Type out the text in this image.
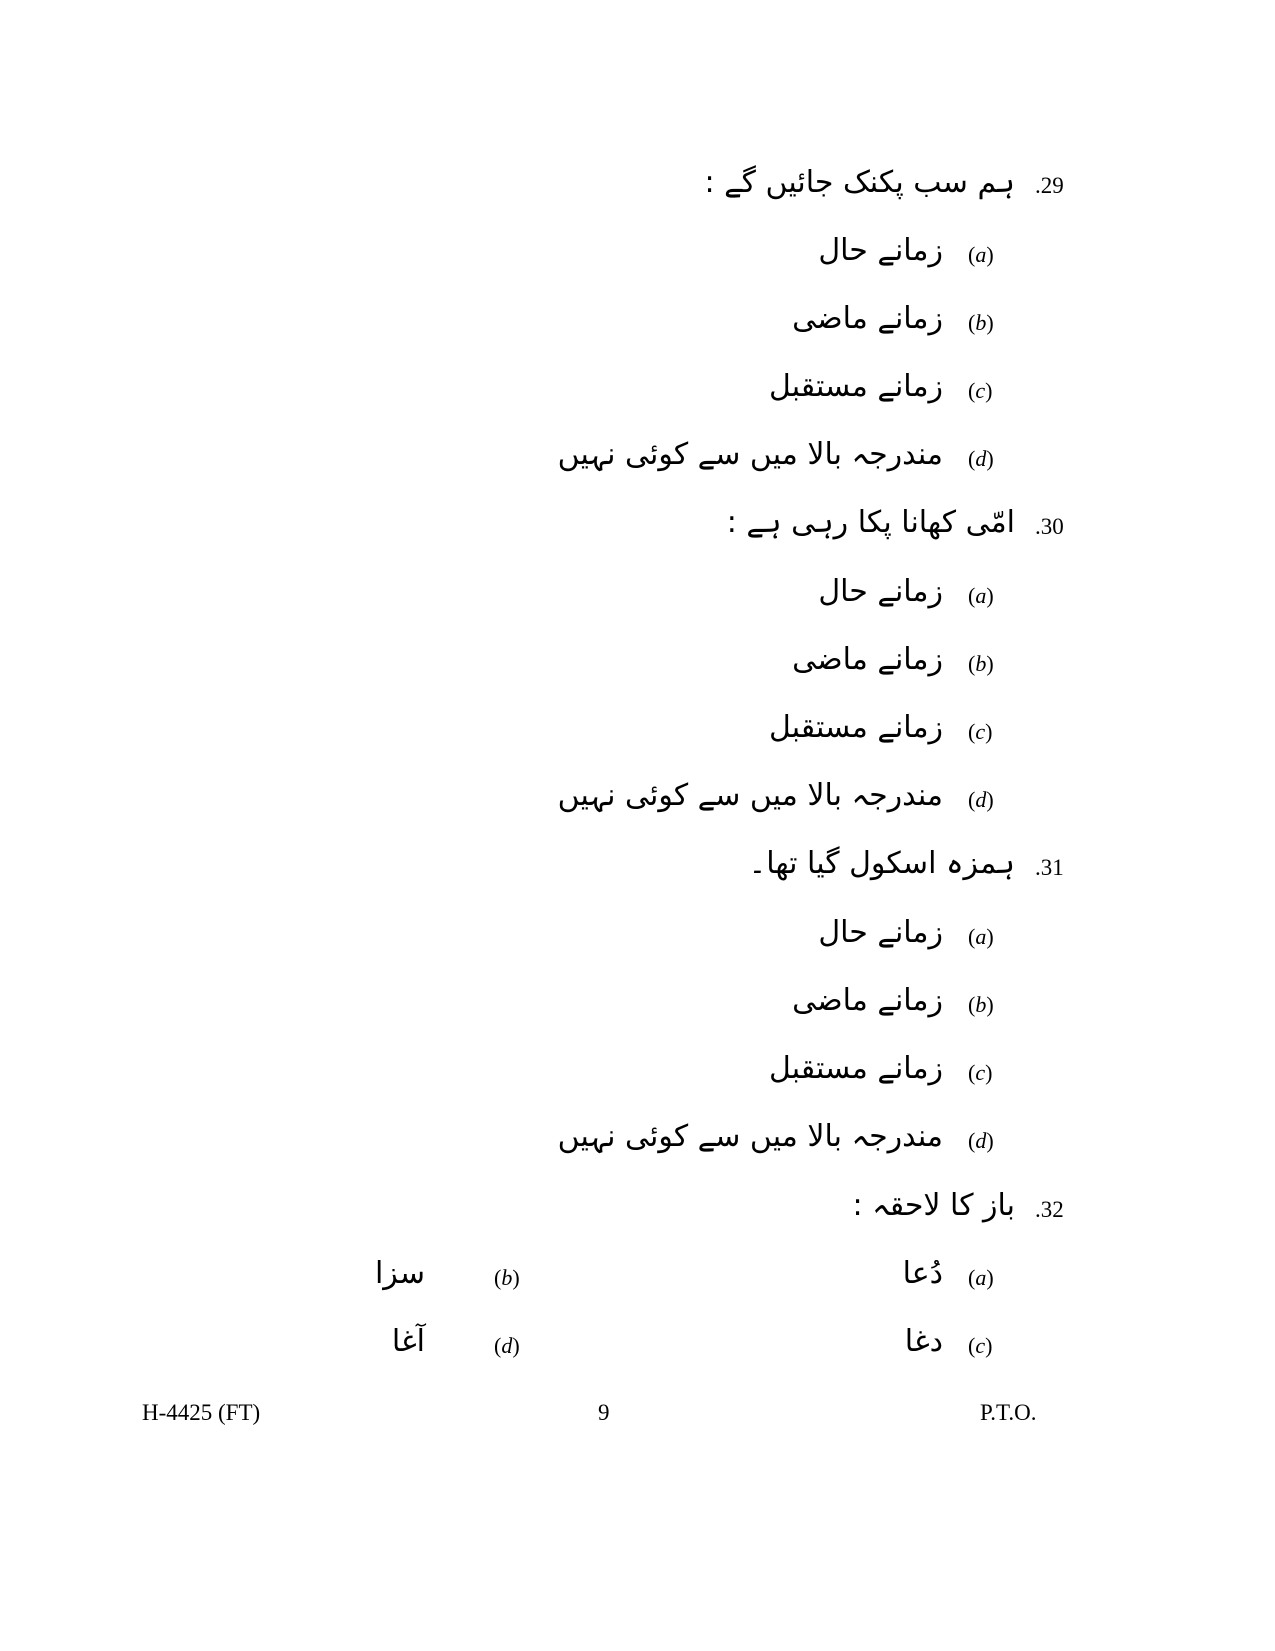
.29
ہم سب پکنک جائیں گے :
(a)
زمانے حال
(b)
زمانے ماضی
(c)
زمانے مستقبل
(d)
مندرجہ بالا میں سے کوئی نہیں
.30
امّی کھانا پکا رہی ہے :
(a)
زمانے حال
(b)
زمانے ماضی
(c)
زمانے مستقبل
(d)
مندرجہ بالا میں سے کوئی نہیں
.31
ہمزہ اسکول گیا تھا۔
(a)
زمانے حال
(b)
زمانے ماضی
(c)
زمانے مستقبل
(d)
مندرجہ بالا میں سے کوئی نہیں
.32
باز کا لاحقہ :
(a)
دُعا
(b)
سزا
(c)
دغا
(d)
آغا
H-4425 (FT)	9	P.T.O.
